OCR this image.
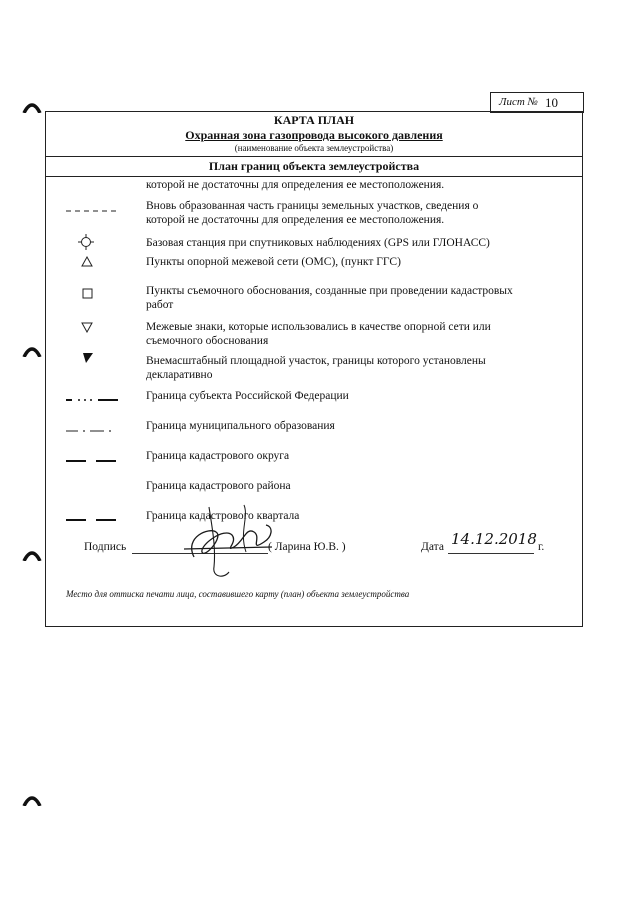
Лист № 10
КАРТА ПЛАН
Охранная зона газопровода высокого давления
(наименование объекта землеустройства)
План границ объекта землеустройства
которой не достаточны для определения ее местоположения.
Вновь образованная часть границы земельных участков, сведения о
которой не достаточны для определения ее местоположения.
Базовая станция при спутниковых наблюдениях (GPS или ГЛОНАСС)
Пункты опорной межевой сети (ОМС), (пункт ГГС)
Пункты съемочного обоснования, созданные при проведении кадастровых
работ
Межевые знаки, которые использовались в качестве опорной сети или
съемочного обоснования
Внемасштабный площадной участок, границы которого установлены
декларативно
Граница субъекта Российской Федерации
Граница муниципального образования
Граница кадастрового округа
Граница кадастрового района
Граница кадастрового квартала
Подпись	( Ларина Ю.В. )	Дата 14.12.2018 г.
Место для оттиска печати лица, составившего карту (план) объекта землеустройства
